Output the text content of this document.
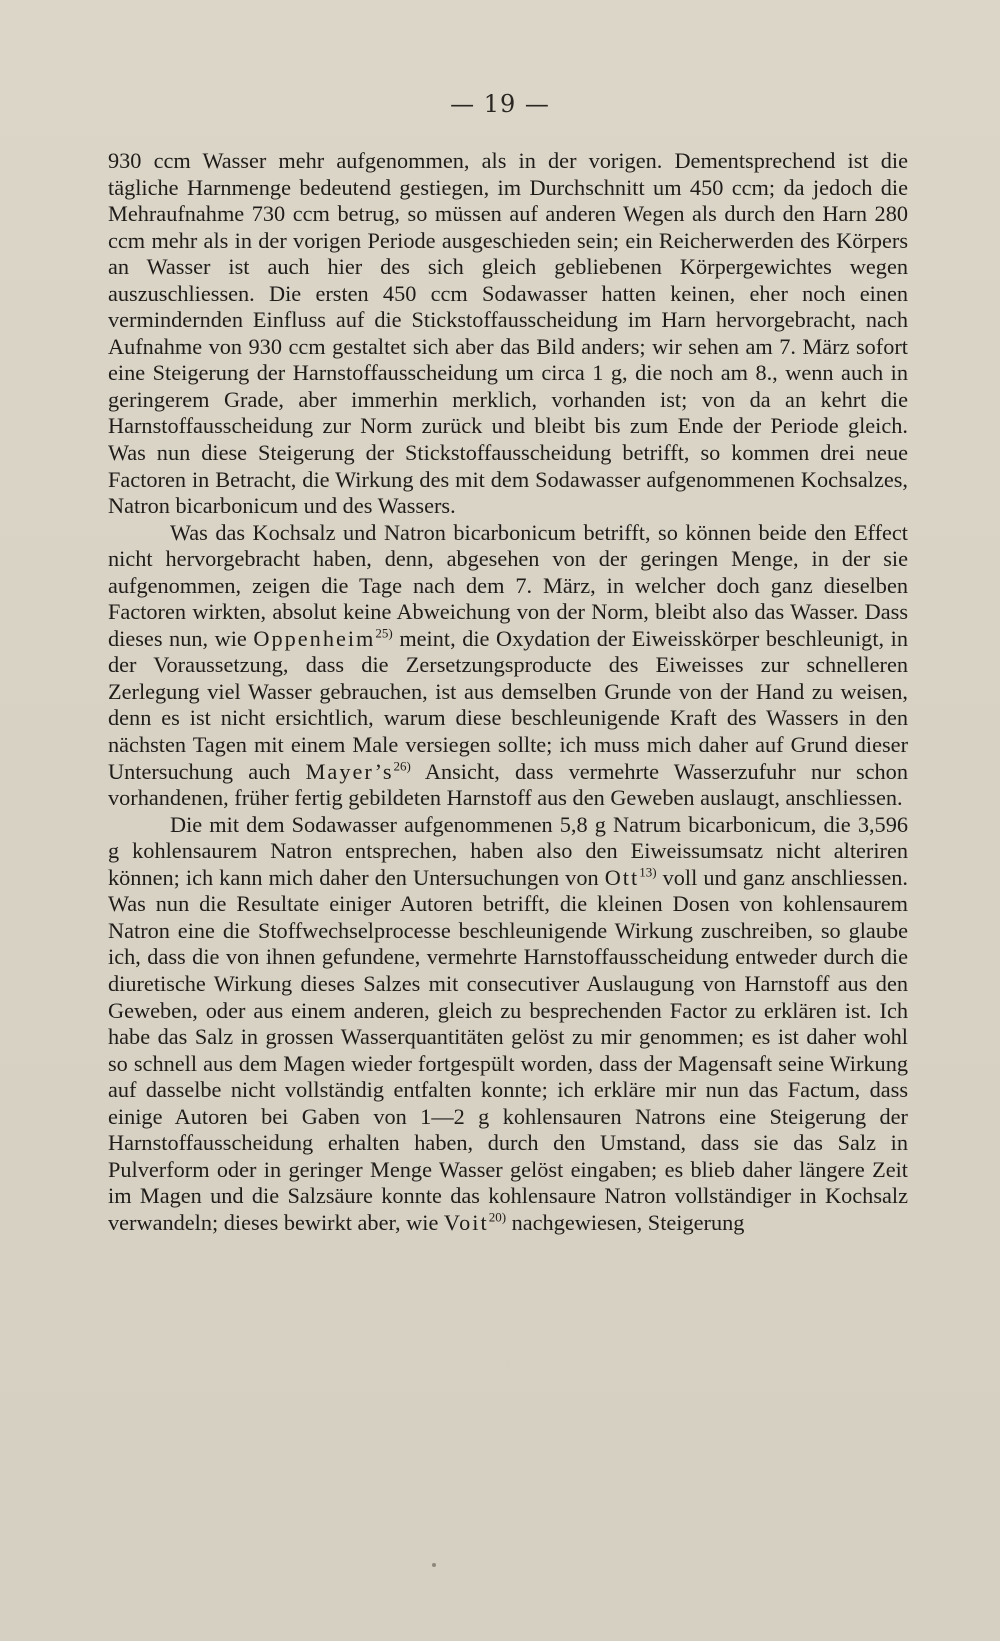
— 19 —

930 ccm Wasser mehr aufgenommen, als in der vorigen. Dementsprechend ist die tägliche Harnmenge bedeutend gestiegen, im Durchschnitt um 450 ccm; da jedoch die Mehraufnahme 730 ccm betrug, so müssen auf anderen Wegen als durch den Harn 280 ccm mehr als in der vorigen Periode ausgeschieden sein; ein Reicherwerden des Körpers an Wasser ist auch hier des sich gleich gebliebenen Körpergewichtes wegen auszuschliessen. Die ersten 450 ccm Sodawasser hatten keinen, eher noch einen vermindernden Einfluss auf die Stickstoffausscheidung im Harn hervorgebracht, nach Aufnahme von 930 ccm gestaltet sich aber das Bild anders; wir sehen am 7. März sofort eine Steigerung der Harnstoffausscheidung um circa 1 g, die noch am 8., wenn auch in geringerem Grade, aber immerhin merklich, vorhanden ist; von da an kehrt die Harnstoffausscheidung zur Norm zurück und bleibt bis zum Ende der Periode gleich. Was nun diese Steigerung der Stickstoffausscheidung betrifft, so kommen drei neue Factoren in Betracht, die Wirkung des mit dem Sodawasser aufgenommenen Kochsalzes, Natron bicarbonicum und des Wassers.

Was das Kochsalz und Natron bicarbonicum betrifft, so können beide den Effect nicht hervorgebracht haben, denn, abgesehen von der geringen Menge, in der sie aufgenommen, zeigen die Tage nach dem 7. März, in welcher doch ganz dieselben Factoren wirkten, absolut keine Abweichung von der Norm, bleibt also das Wasser. Dass dieses nun, wie Oppenheim$^{25)}$ meint, die Oxydation der Eiweisskörper beschleunigt, in der Voraussetzung, dass die Zersetzungsproducte des Eiweisses zur schnelleren Zerlegung viel Wasser gebrauchen, ist aus demselben Grunde von der Hand zu weisen, denn es ist nicht ersichtlich, warum diese beschleunigende Kraft des Wassers in den nächsten Tagen mit einem Male versiegen sollte; ich muss mich daher auf Grund dieser Untersuchung auch $Mayer’s^{26)}$ Ansicht, dass vermehrte Wasserzufuhr nur schon vorhandenen, früher fertig gebildeten Harnstoff aus den Geweben auslaugt, anschliessen.

Die mit dem Sodawasser aufgenommenen 5,8 g Natrum bicarbonicum, die 3,596 g kohlensaurem Natron entsprechen, haben also den Eiweissumsatz nicht alteriren können; ich kann mich daher den Untersuchungen von Ott$^{13)}$ voll und ganz anschliessen. Was nun die Resultate einiger Autoren betrifft, die kleinen Dosen von kohlensaurem Natron eine die Stoffwechselprocesse beschleunigende Wirkung zuschreiben, so glaube ich, dass die von ihnen gefundene, vermehrte Harnstoffausscheidung entweder durch die diuretische Wirkung dieses Salzes mit consecutiver Auslaugung von Harnstoff aus den Geweben, oder aus einem anderen, gleich zu besprechenden Factor zu erklären ist. Ich habe das Salz in grossen Wasserquantitäten gelöst zu mir genommen; es ist daher wohl so schnell aus dem Magen wieder fortgespült worden, dass der Magensaft seine Wirkung auf dasselbe nicht vollständig entfalten konnte; ich erkläre mir nun das Factum, dass einige Autoren bei Gaben von 1—2 g kohlensauren Natrons eine Steigerung der Harnstoffausscheidung erhalten haben, durch den Umstand, dass sie das Salz in Pulverform oder in geringer Menge Wasser gelöst eingaben; es blieb daher längere Zeit im Magen und die Salzsäure konnte das kohlensaure Natron vollständiger in Kochsalz verwandeln; dieses bewirkt aber, wie Voit$^{20)}$ nachgewiesen, Steigerung
